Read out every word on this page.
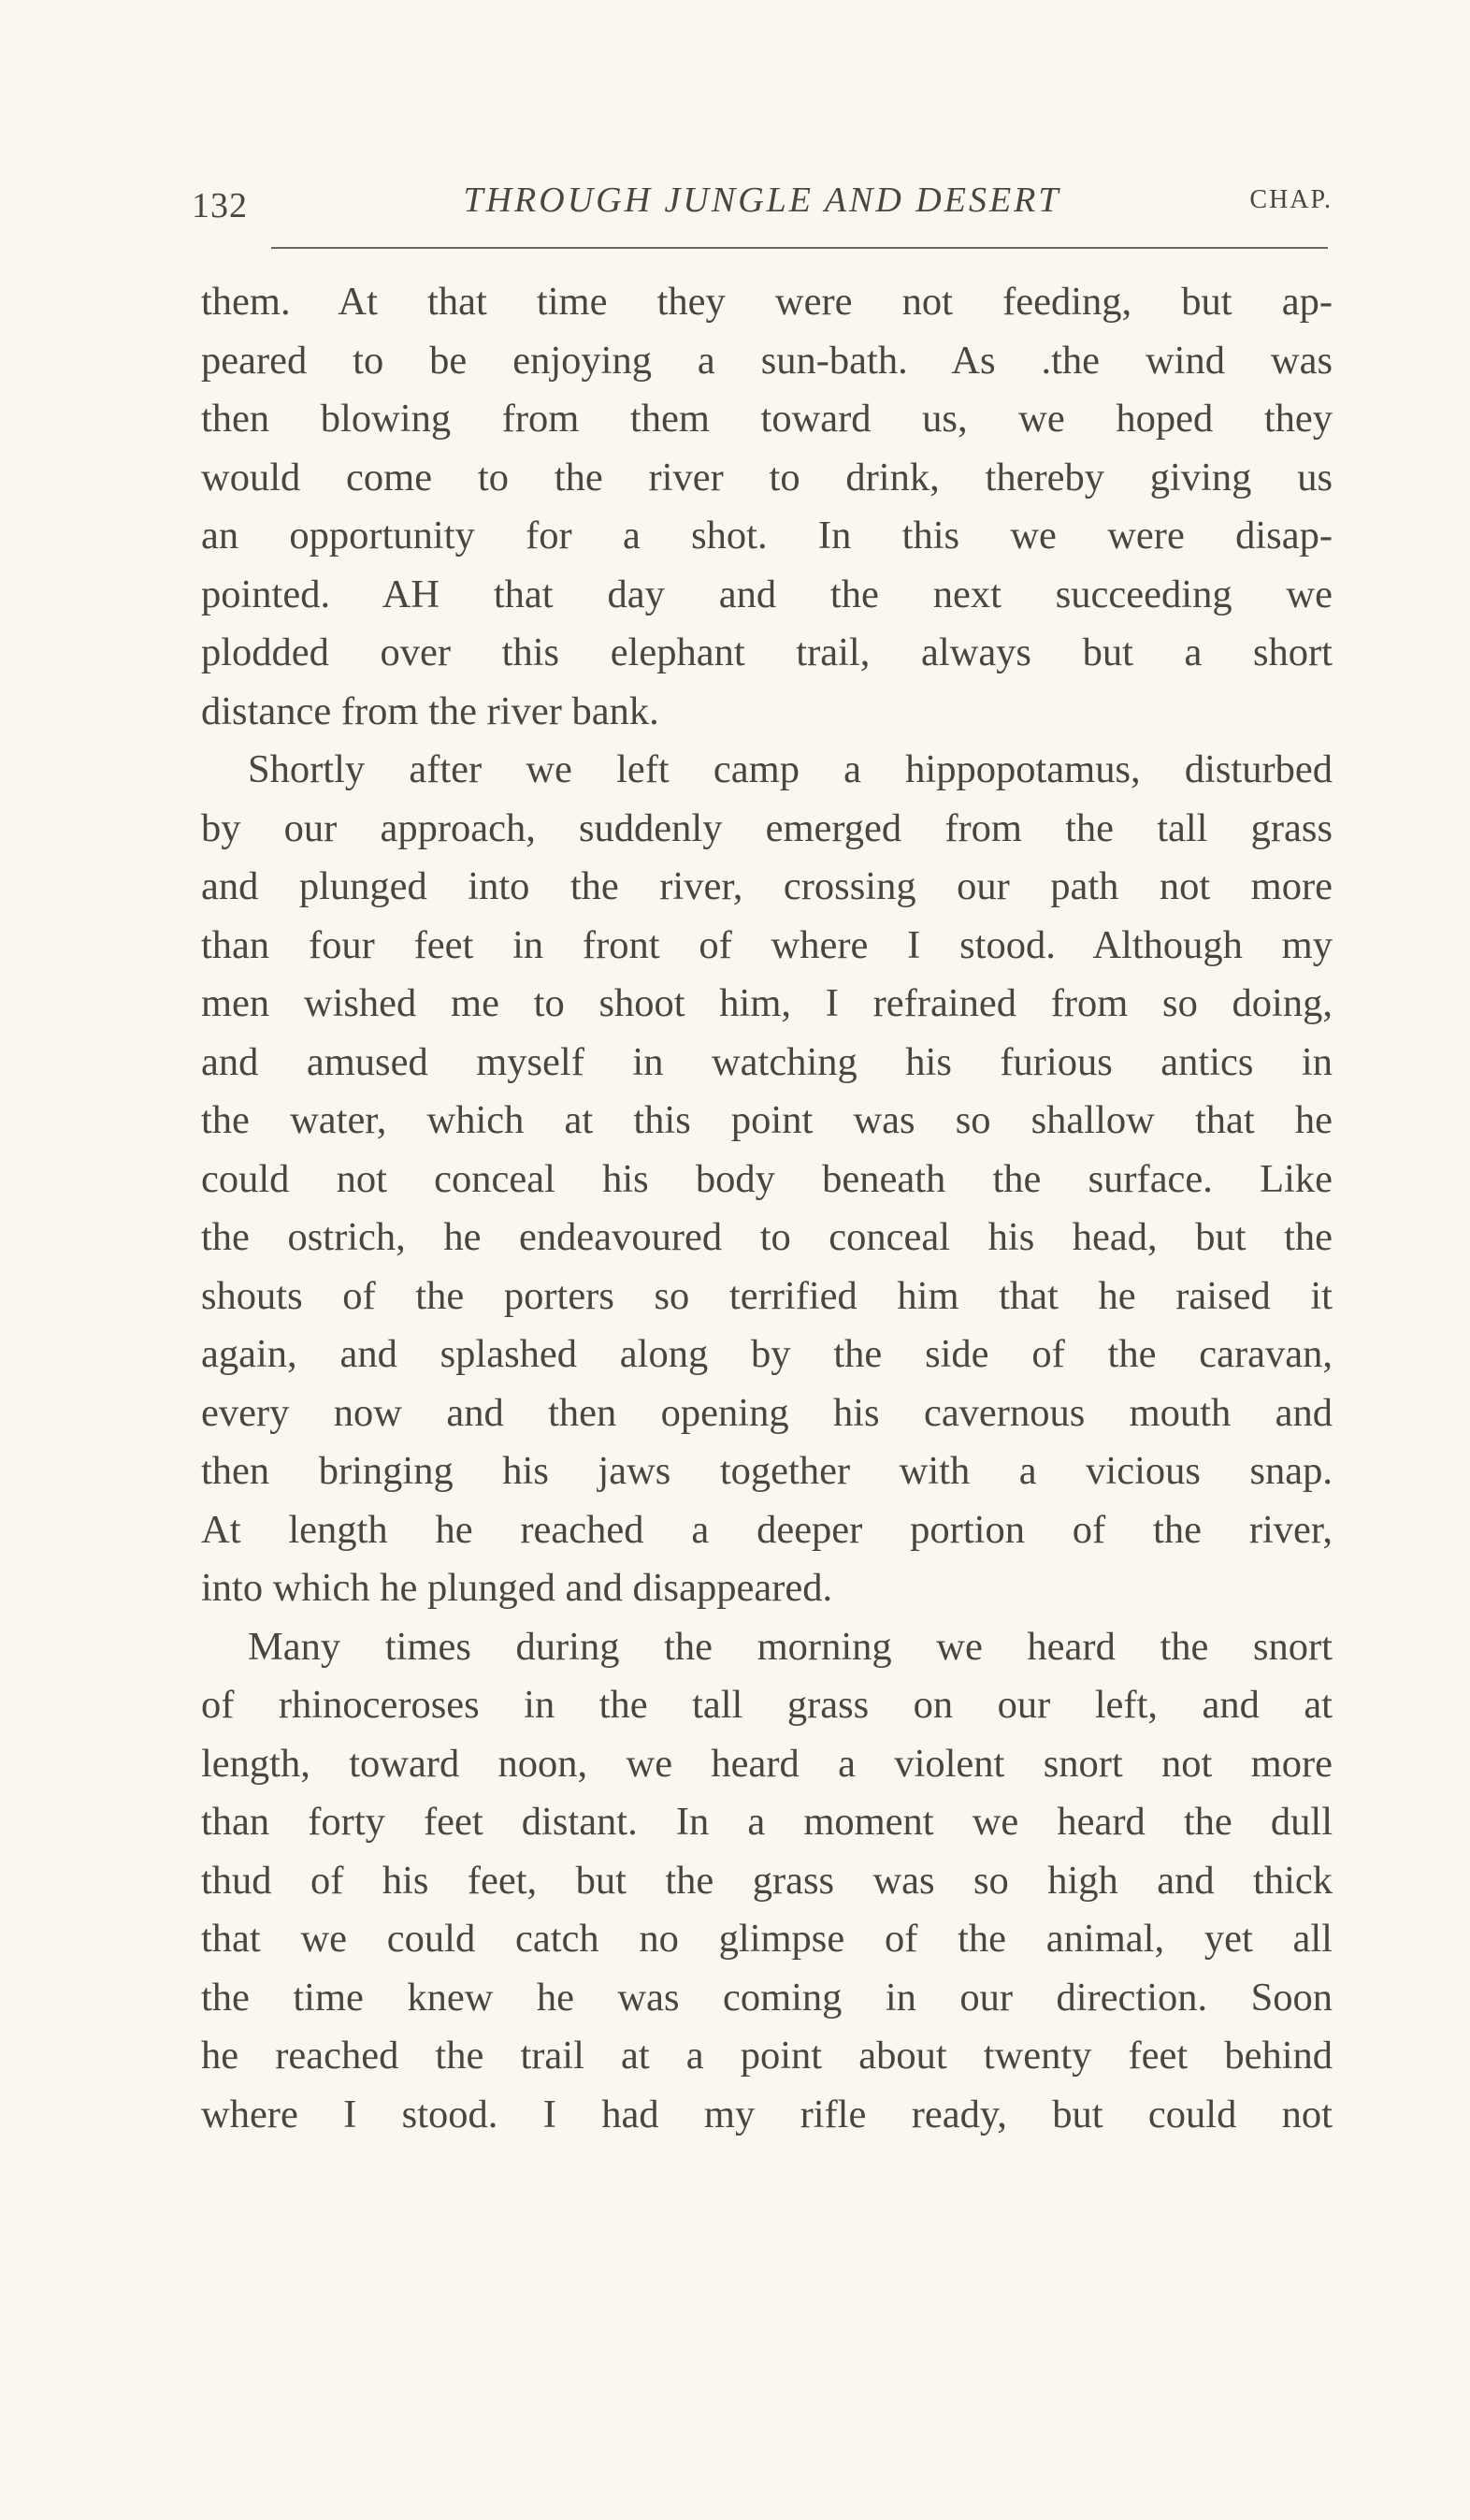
132	THROUGH JUNGLE AND DESERT	CHAP.
them. At that time they were not feeding, but ap-
peared to be enjoying a sun-bath. As .the wind was
then blowing from them toward us, we hoped they
would come to the river to drink, thereby giving us
an opportunity for a shot. In this we were disap-
pointed. AH that day and the next succeeding we
plodded over this elephant trail, always but a short
distance from the river bank.
Shortly after we left camp a hippopotamus, disturbed
by our approach, suddenly emerged from the tall grass
and plunged into the river, crossing our path not more
than four feet in front of where I stood. Although my
men wished me to shoot him, I refrained from so doing,
and amused myself in watching his furious antics in
the water, which at this point was so shallow that he
could not conceal his body beneath the surface. Like
the ostrich, he endeavoured to conceal his head, but the
shouts of the porters so terrified him that he raised it
again, and splashed along by the side of the caravan,
every now and then opening his cavernous mouth and
then bringing his jaws together with a vicious snap.
At length he reached a deeper portion of the river,
into which he plunged and disappeared.
Many times during the morning we heard the snort
of rhinoceroses in the tall grass on our left, and at
length, toward noon, we heard a violent snort not more
than forty feet distant. In a moment we heard the dull
thud of his feet, but the grass was so high and thick
that we could catch no glimpse of the animal, yet all
the time knew he was coming in our direction. Soon
he reached the trail at a point about twenty feet behind
where I stood. I had my rifle ready, but could not
